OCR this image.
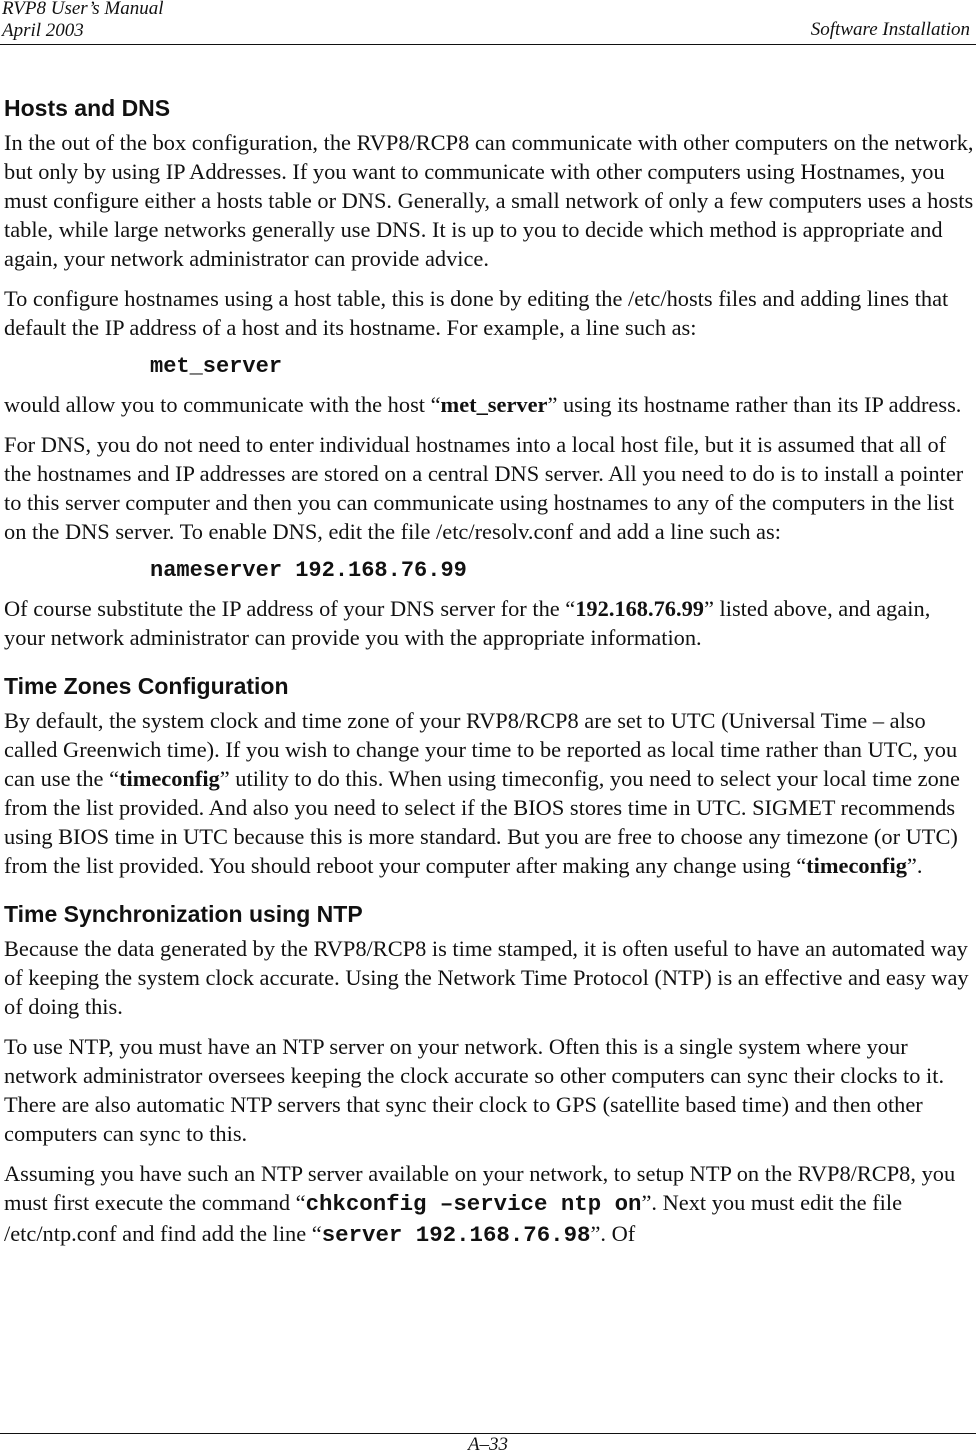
RVP8 User’s Manual
April 2003	Software Installation
Hosts and DNS

In the out of the box configuration, the RVP8/RCP8 can communicate with other computers on the network, but only by using IP Addresses. If you want to communicate with other computers using Hostnames, you must configure either a hosts table or DNS. Generally, a small network of only a few computers uses a hosts table, while large networks generally use DNS. It is up to you to decide which method is appropriate and again, your network administrator can provide advice.

To configure hostnames using a host table, this is done by editing the /etc/hosts files and adding lines that default the IP address of a host and its hostname. For example, a line such as:

met_server

would allow you to communicate with the host “met_server” using its hostname rather than its IP address.

For DNS, you do not need to enter individual hostnames into a local host file, but it is assumed that all of the hostnames and IP addresses are stored on a central DNS server. All you need to do is to install a pointer to this server computer and then you can communicate using hostnames to any of the computers in the list on the DNS server. To enable DNS, edit the file /etc/resolv.conf and add a line such as:

nameserver 192.168.76.99

Of course substitute the IP address of your DNS server for the “192.168.76.99” listed above, and again, your network administrator can provide you with the appropriate information.

Time Zones Configuration

By default, the system clock and time zone of your RVP8/RCP8 are set to UTC (Universal Time – also called Greenwich time). If you wish to change your time to be reported as local time rather than UTC, you can use the “timeconfig” utility to do this. When using timeconfig, you need to select your local time zone from the list provided. And also you need to select if the BIOS stores time in UTC. SIGMET recommends using BIOS time in UTC because this is more standard. But you are free to choose any timezone (or UTC) from the list provided. You should reboot your computer after making any change using “timeconfig”.

Time Synchronization using NTP

Because the data generated by the RVP8/RCP8 is time stamped, it is often useful to have an automated way of keeping the system clock accurate. Using the Network Time Protocol (NTP) is an effective and easy way of doing this.

To use NTP, you must have an NTP server on your network. Often this is a single system where your network administrator oversees keeping the clock accurate so other computers can sync their clocks to it. There are also automatic NTP servers that sync their clock to GPS (satellite based time) and then other computers can sync to this.

Assuming you have such an NTP server available on your network, to setup NTP on the RVP8/RCP8, you must first execute the command “chkconfig –service ntp on”. Next you must edit the file /etc/ntp.conf and find add the line “server 192.168.76.98”. Of

A–33
